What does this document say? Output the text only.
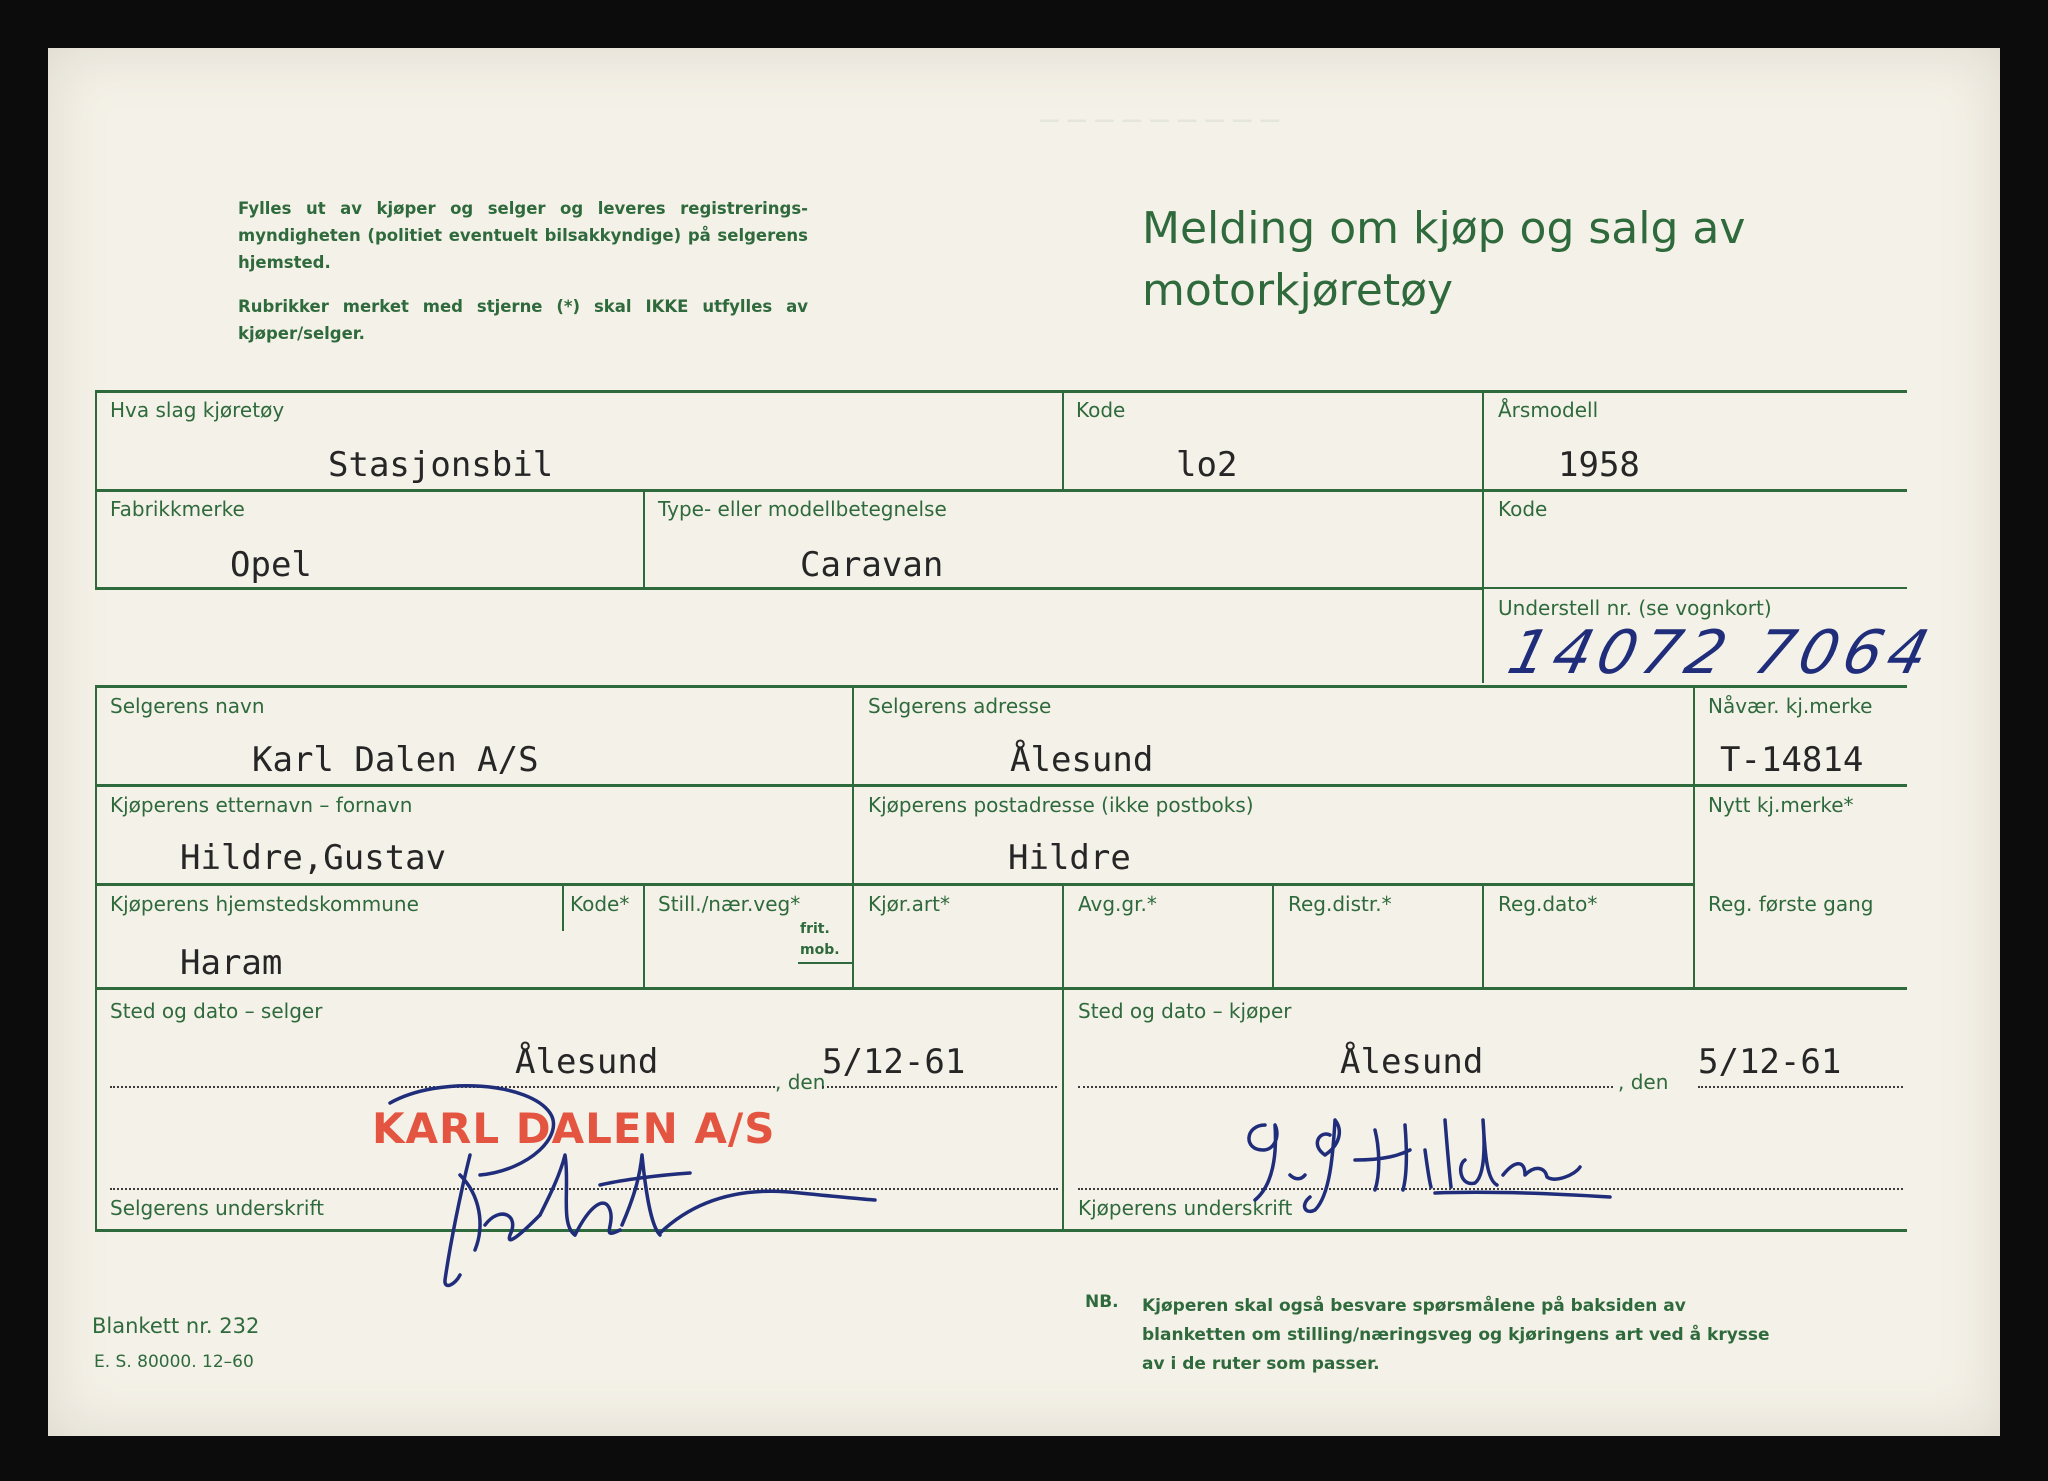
─ ─ ─ ─ ─ ─ ─ ─ ─
Fylles ut av kjøper og selger og leveres registrerings-myndigheten (politiet eventuelt bilsakkyndige) på selgerens hjemsted.
Rubrikker merket med stjerne (*) skal IKKE utfylles av kjøper/selger.
Melding om kjøp og salg av
motorkjøretøy
Hva slag kjøretøy
Stasjonsbil
Kode
lo2
Årsmodell
1958
Fabrikkmerke
Opel
Type- eller modellbetegnelse
Caravan
Kode
Understell nr. (se vognkort)
14072 7064
Selgerens navn
Karl Dalen A/S
Selgerens adresse
Ålesund
Nåvær. kj.merke
T-14814
Kjøperens etternavn – fornavn
Hildre,Gustav
Kjøperens postadresse (ikke postboks)
Hildre
Nytt kj.merke*
Kjøperens hjemstedskommune
Haram
Kode* Still./nær.veg*
frit.
mob.
Kjør.art*	Avg.gr.*	Reg.distr.*	Reg.dato*	Reg. første gang
Sted og dato – selger
Ålesund	, den
5/12-61
Sted og dato – kjøper
Ålesund	, den 5/12-61
KARL DALEN A/S
Selgerens underskrift	Kjøperens underskrift
Blankett nr. 232
E. S. 80000. 12–60
NB. Kjøperen skal også besvare spørsmålene på baksiden av blanketten om stilling/næringsveg og kjøringens art ved å krysse av i de ruter som passer.
